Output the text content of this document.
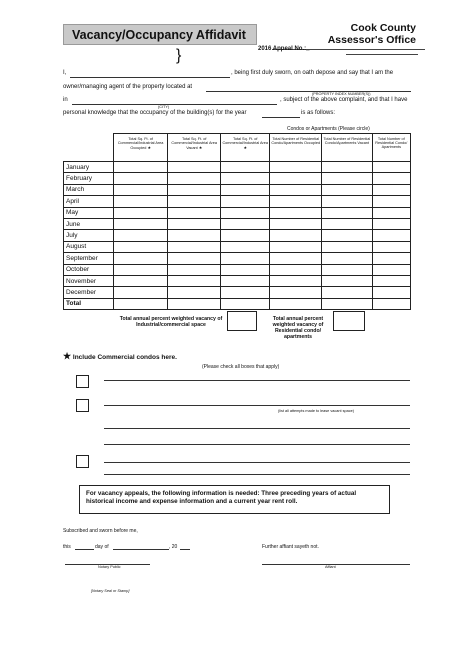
Vacancy/Occupancy Affidavit	Cook County
Assessor's Office
}	2016 Appeal No.:_
I,	, being first duly sworn, on oath depose and say that I am the
owner/managing agent of the property located at
(PROPERTY INDEX NUMBER(S))
in	, subject of the above complaint, and that I have
(CITY)
personal knowledge that the occupancy of the building(s) for the year	is as follows:
Condos or Apartments (Please circle)
	Total Sq. Ft. of Commercial/Industrial Area Occupied ★	Total Sq. Ft. of Commercial/Industrial Area Vacant ★	Total Sq. Ft. of Commercial/Industrial Area ★	Total Number of Residential Condo/Apartments Occupied	Total Number of Residential Condo/Apartments Vacant	Total Number of Residential Condo/ Apartments
January						
February						
March						
April						
May						
June						
July						
August						
September						
October						
November						
December						
Total						
Total annual percent weighted vacancy of Industrial/commercial space
Total annual percent weighted vacancy of Residential condo/ apartments
★ Include Commercial condos here.
(Please check all boxes that apply)
(list all attempts made to lease vacant space)
For vacancy appeals, the following information is needed: Three preceding years of actual historical income and expense information and a current year rent roll.
Subscribed and sworn before me,
this	day of	, 20	Further affiant sayeth not.
Notary Public	Affiant
[Notary Seal or Stamp]
